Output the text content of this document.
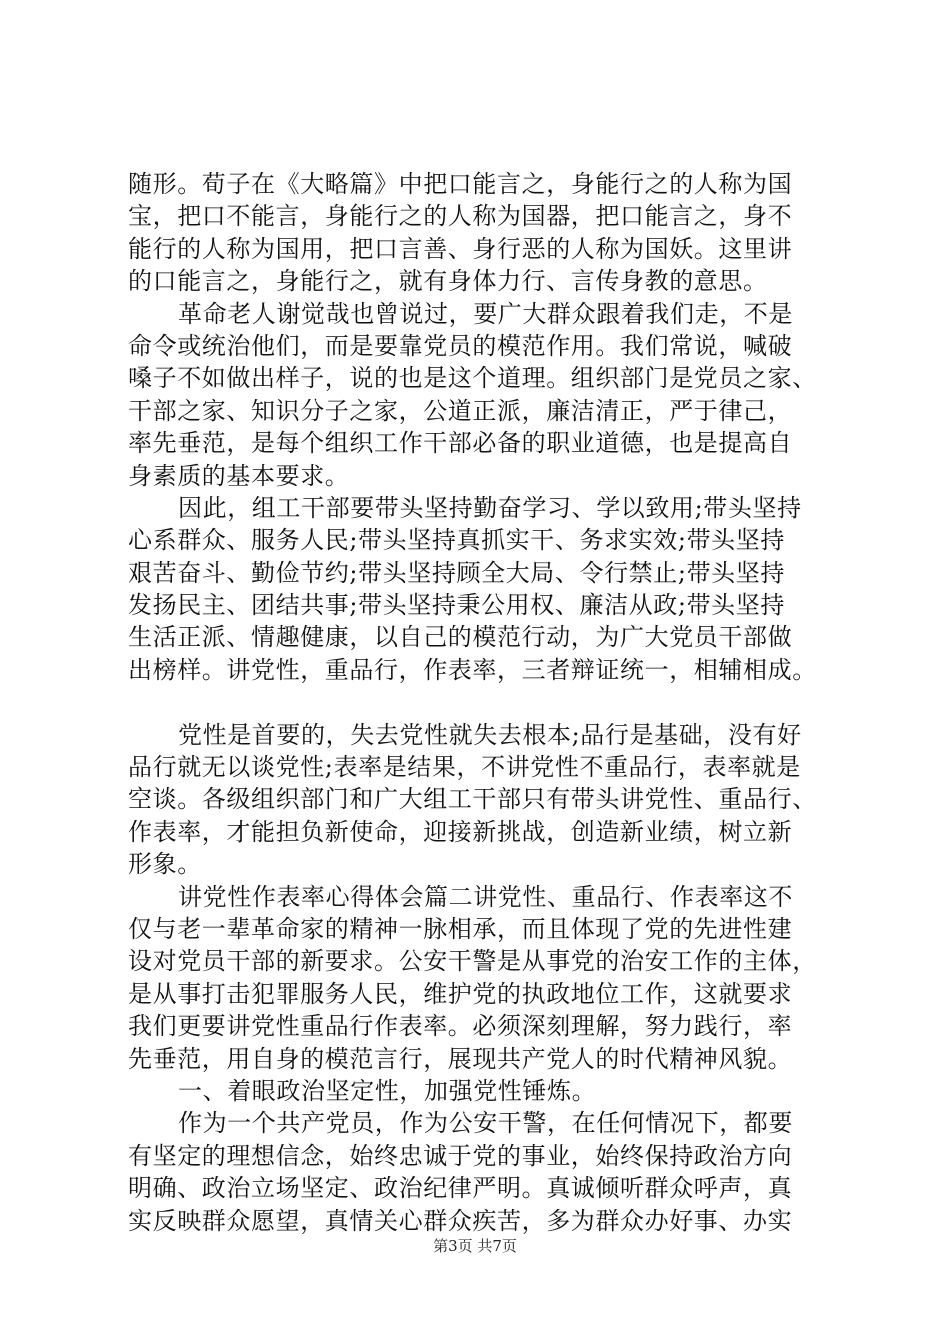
随形。荀子在《大略篇》中把口能言之，身能行之的人称为国
宝，把口不能言，身能行之的人称为国器，把口能言之，身不
能行的人称为国用，把口言善、身行恶的人称为国妖。这里讲
的口能言之，身能行之，就有身体力行、言传身教的意思。
革命老人谢觉哉也曾说过，要广大群众跟着我们走，不是
命令或统治他们，而是要靠党员的模范作用。我们常说，喊破
嗓子不如做出样子，说的也是这个道理。组织部门是党员之家、
干部之家、知识分子之家，公道正派，廉洁清正，严于律己，
率先垂范，是每个组织工作干部必备的职业道德，也是提高自
身素质的基本要求。
因此，组工干部要带头坚持勤奋学习、学以致用;带头坚持
心系群众、服务人民;带头坚持真抓实干、务求实效;带头坚持
艰苦奋斗、勤俭节约;带头坚持顾全大局、令行禁止;带头坚持
发扬民主、团结共事;带头坚持秉公用权、廉洁从政;带头坚持
生活正派、情趣健康，以自己的模范行动，为广大党员干部做
出榜样。讲党性，重品行，作表率，三者辩证统一，相辅相成。
党性是首要的，失去党性就失去根本;品行是基础，没有好
品行就无以谈党性;表率是结果，不讲党性不重品行，表率就是
空谈。各级组织部门和广大组工干部只有带头讲党性、重品行、
作表率，才能担负新使命，迎接新挑战，创造新业绩，树立新
形象。
讲党性作表率心得体会篇二讲党性、重品行、作表率这不
仅与老一辈革命家的精神一脉相承，而且体现了党的先进性建
设对党员干部的新要求。公安干警是从事党的治安工作的主体，
是从事打击犯罪服务人民，维护党的执政地位工作，这就要求
我们更要讲党性重品行作表率。必须深刻理解，努力践行，率
先垂范，用自身的模范言行，展现共产党人的时代精神风貌。
一、着眼政治坚定性，加强党性锤炼。
作为一个共产党员，作为公安干警，在任何情况下，都要
有坚定的理想信念，始终忠诚于党的事业，始终保持政治方向
明确、政治立场坚定、政治纪律严明。真诚倾听群众呼声，真
实反映群众愿望，真情关心群众疾苦，多为群众办好事、办实
第3页 共7页
